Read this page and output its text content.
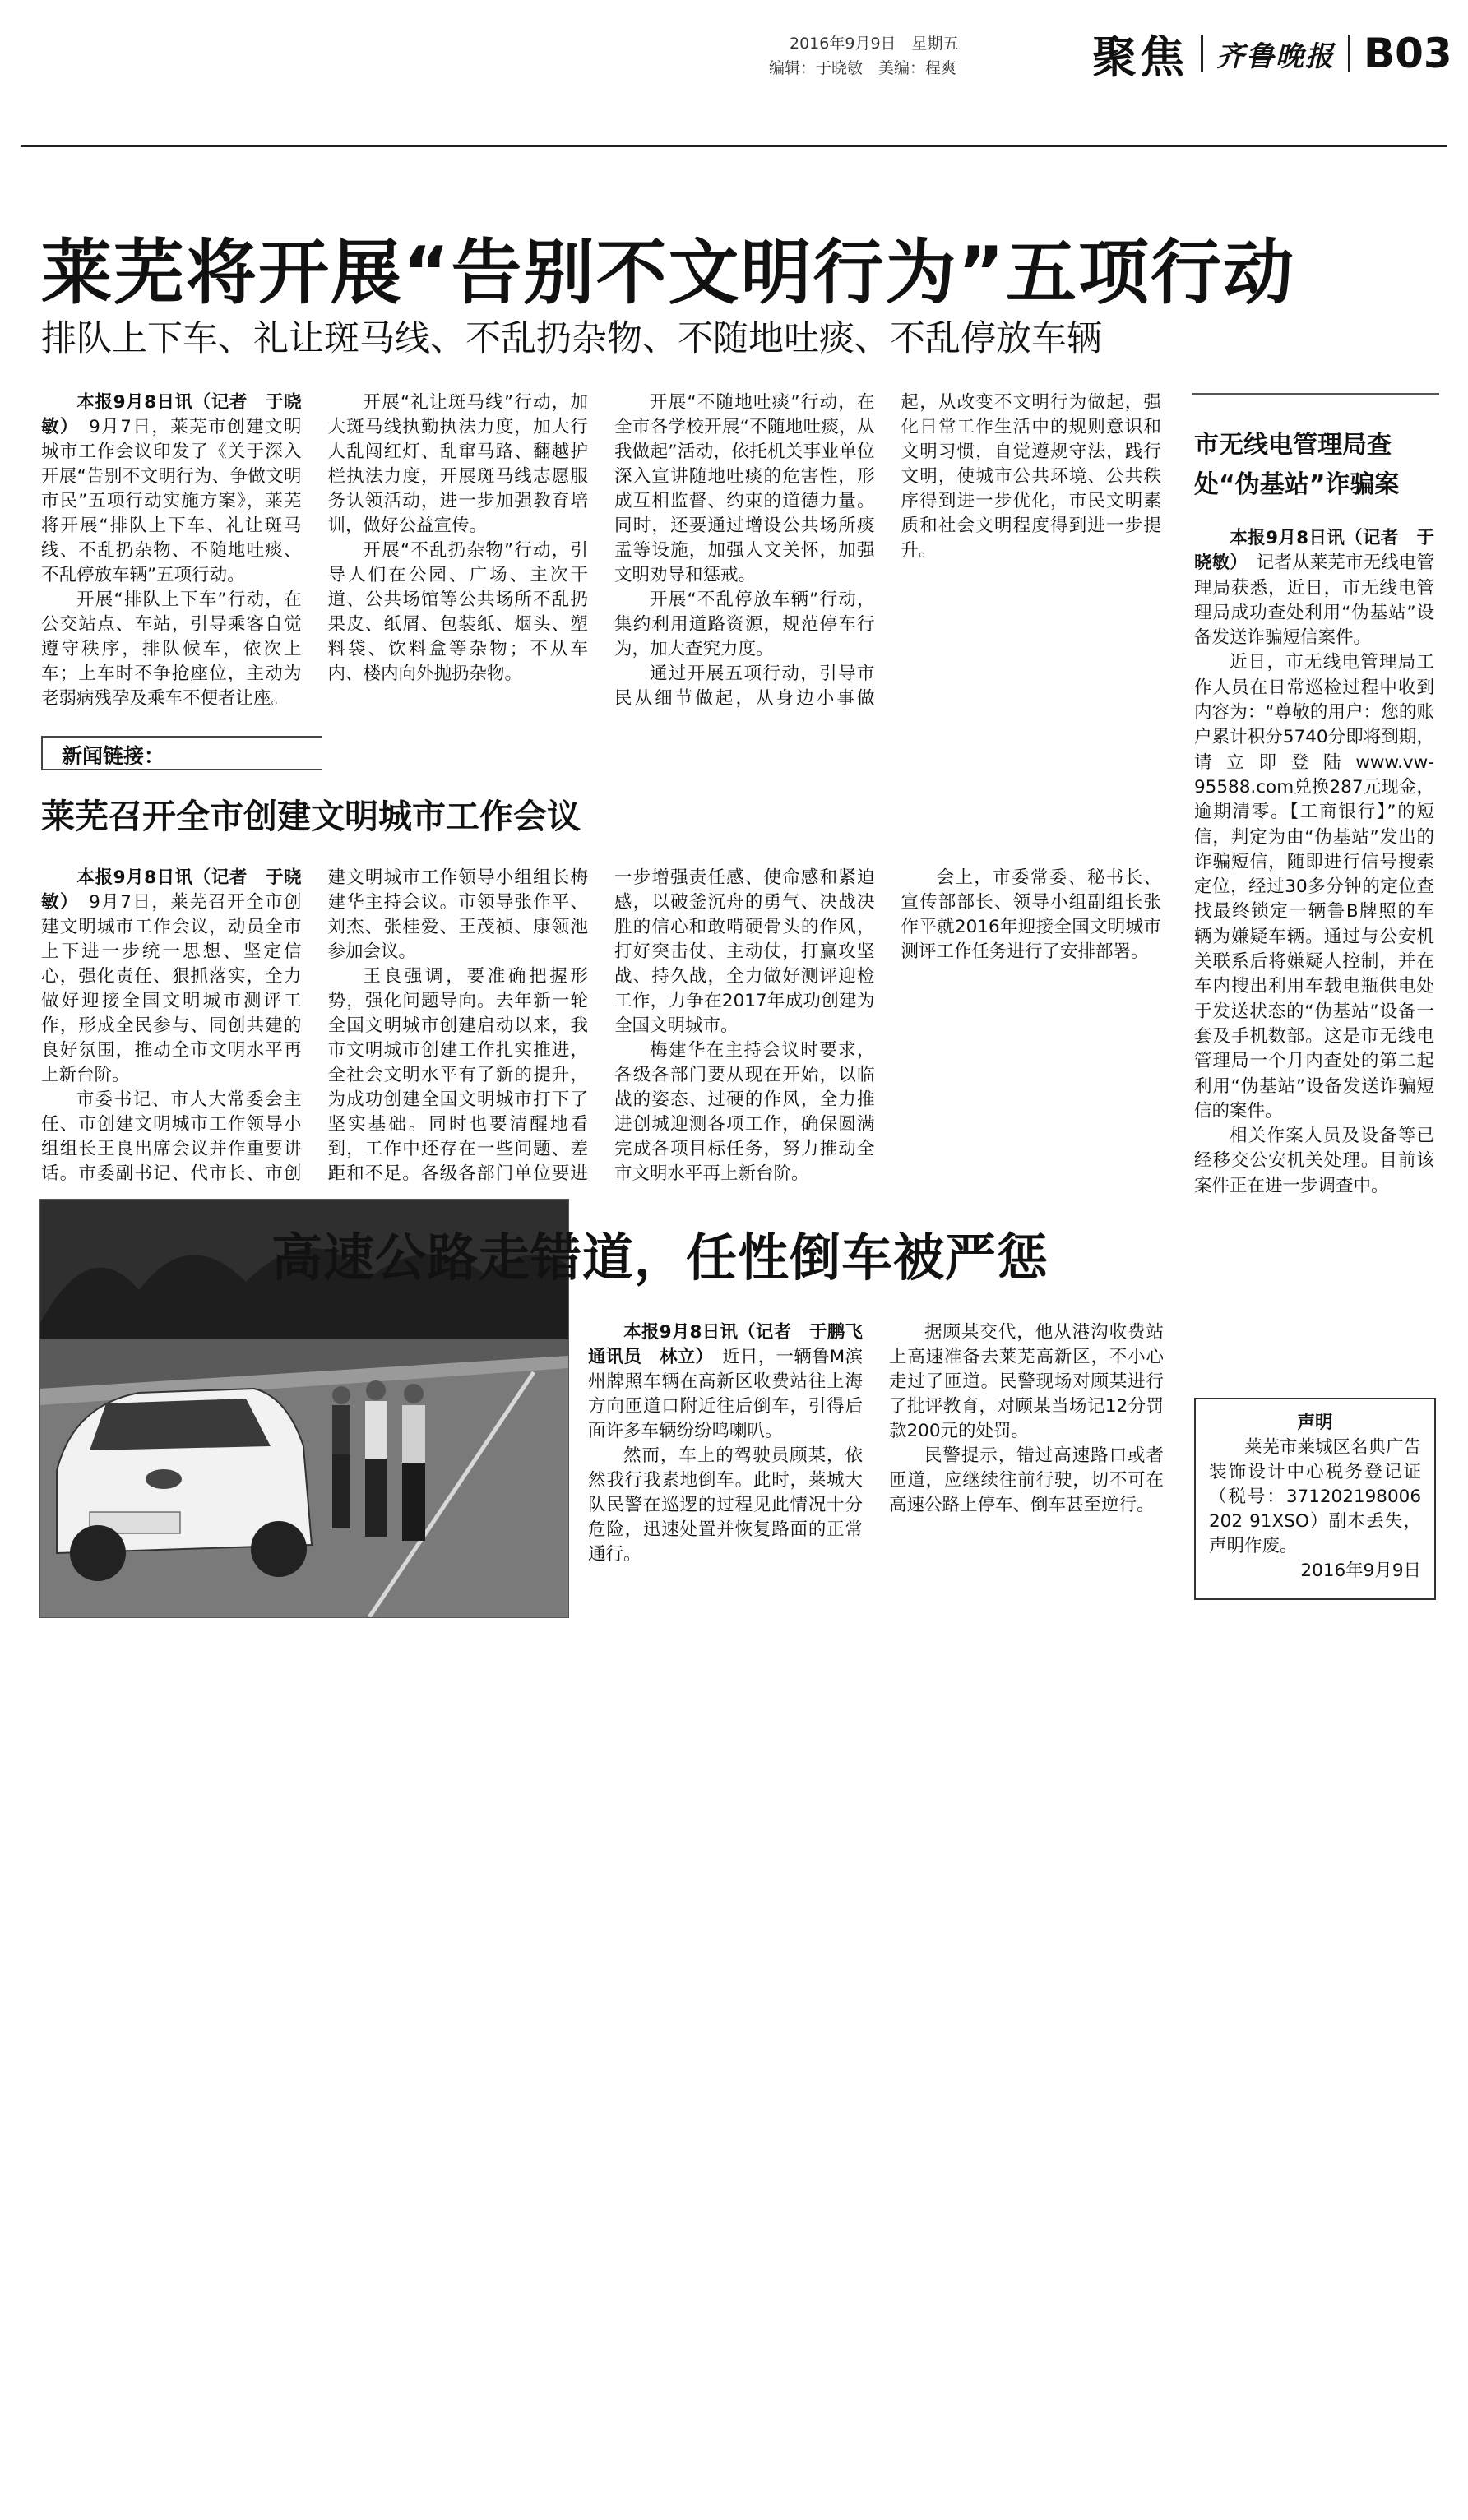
2016年9月9日　星期五
编辑：于晓敏　美编：程爽	聚焦 齐鲁晚报 B03
莱芜将开展“告别不文明行为”五项行动
排队上下车、礼让斑马线、不乱扔杂物、不随地吐痰、不乱停放车辆

本报9月8日讯（记者　于晓敏）　 9月7日，莱芜市创建文明城市工作会议印发了《关于深入开展“告别不文明行为、争做文明市民”五项行动实施方案》，莱芜将开展“排队上下车、礼让斑马线、不乱扔杂物、不随地吐痰、不乱停放车辆”五项行动。

开展“排队上下车”行动，在公交站点、车站，引导乘客自觉遵守秩序，排队候车，依次上车；上车时不争抢座位，主动为老弱病残孕及乘车不便者让座。

开展“礼让斑马线”行动，加大斑马线执勤执法力度，加大行人乱闯红灯、乱窜马路、翻越护栏执法力度，开展斑马线志愿服务认领活动，进一步加强教育培训，做好公益宣传。

开展“不乱扔杂物”行动，引导人们在公园、广场、主次干道、公共场馆等公共场所不乱扔果皮、纸屑、包装纸、烟头、塑料袋、饮料盒等杂物；不从车内、楼内向外抛扔杂物。

开展“不随地吐痰”行动，在全市各学校开展“不随地吐痰，从我做起”活动，依托机关事业单位深入宣讲随地吐痰的危害性，形成互相监督、约束的道德力量。同时，还要通过增设公共场所痰盂等设施，加强人文关怀，加强文明劝导和惩戒。

开展“不乱停放车辆”行动，集约利用道路资源，规范停车行为，加大查究力度。

通过开展五项行动，引导市民从细节做起，从身边小事做起，从改变不文明行为做起，强化日常工作生活中的规则意识和文明习惯，自觉遵规守法，践行文明，使城市公共环境、公共秩序得到进一步优化，市民文明素质和社会文明程度得到进一步提升。

新闻链接：
莱芜召开全市创建文明城市工作会议

本报9月8日讯（记者　于晓敏）　 9月7日，莱芜召开全市创建文明城市工作会议，动员全市上下进一步统一思想、坚定信心，强化责任、狠抓落实，全力做好迎接全国文明城市测评工作，形成全民参与、同创共建的良好氛围，推动全市文明水平再上新台阶。

市委书记、市人大常委会主任、市创建文明城市工作领导小组组长王良出席会议并作重要讲话。市委副书记、代市长、市创建文明城市工作领导小组组长梅建华主持会议。市领导张作平、刘杰、张桂爱、王茂祯、康领池参加会议。

王良强调，要准确把握形势，强化问题导向。去年新一轮全国文明城市创建启动以来，我市文明城市创建工作扎实推进，全社会文明水平有了新的提升，为成功创建全国文明城市打下了坚实基础。同时也要清醒地看到，工作中还存在一些问题、差距和不足。各级各部门单位要进一步增强责任感、使命感和紧迫感，以破釜沉舟的勇气、决战决胜的信心和敢啃硬骨头的作风，打好突击仗、主动仗，打赢攻坚战、持久战，全力做好测评迎检工作，力争在2017年成功创建为全国文明城市。

梅建华在主持会议时要求，各级各部门要从现在开始，以临战的姿态、过硬的作风，全力推进创城迎测各项工作，确保圆满完成各项目标任务，努力推动全市文明水平再上新台阶。

会上，市委常委、秘书长、宣传部部长、领导小组副组长张作平就2016年迎接全国文明城市测评工作任务进行了安排部署。

高速公路走错道，任性倒车被严惩

本报9月8日讯（记者　于鹏飞　通讯员　林立）　 近日，一辆鲁M滨州牌照车辆在高新区收费站往上海方向匝道口附近往后倒车，引得后面许多车辆纷纷鸣喇叭。

然而，车上的驾驶员顾某，依然我行我素地倒车。此时，莱城大队民警在巡逻的过程见此情况十分危险，迅速处置并恢复路面的正常通行。

据顾某交代，他从港沟收费站上高速准备去莱芜高新区，不小心走过了匝道。民警现场对顾某进行了批评教育，对顾某当场记12分罚款200元的处罚。

民警提示，错过高速路口或者匝道，应继续往前行驶，切不可在高速公路上停车、倒车甚至逆行。

市无线电管理局查处“伪基站”诈骗案

本报9月8日讯（记者　于晓敏）　 记者从莱芜市无线电管理局获悉，近日，市无线电管理局成功查处利用“伪基站”设备发送诈骗短信案件。

近日，市无线电管理局工作人员在日常巡检过程中收到内容为：“尊敬的用户：您的账户累计积分5740分即将到期，请立即登陆www.vw-95588.com兑换287元现金，逾期清零。【工商银行】”的短信，判定为由“伪基站”发出的诈骗短信，随即进行信号搜索定位，经过30多分钟的定位查找最终锁定一辆鲁B牌照的车辆为嫌疑车辆。通过与公安机关联系后将嫌疑人控制，并在车内搜出利用车载电瓶供电处于发送状态的“伪基站”设备一套及手机数部。这是市无线电管理局一个月内查处的第二起利用“伪基站”设备发送诈骗短信的案件。

相关作案人员及设备等已经移交公安机关处理。目前该案件正在进一步调查中。

声明
莱芜市莱城区名典广告装饰设计中心税务登记证（税号：371202198006202 91XSO）副本丢失，声明作废。
2016年9月9日
